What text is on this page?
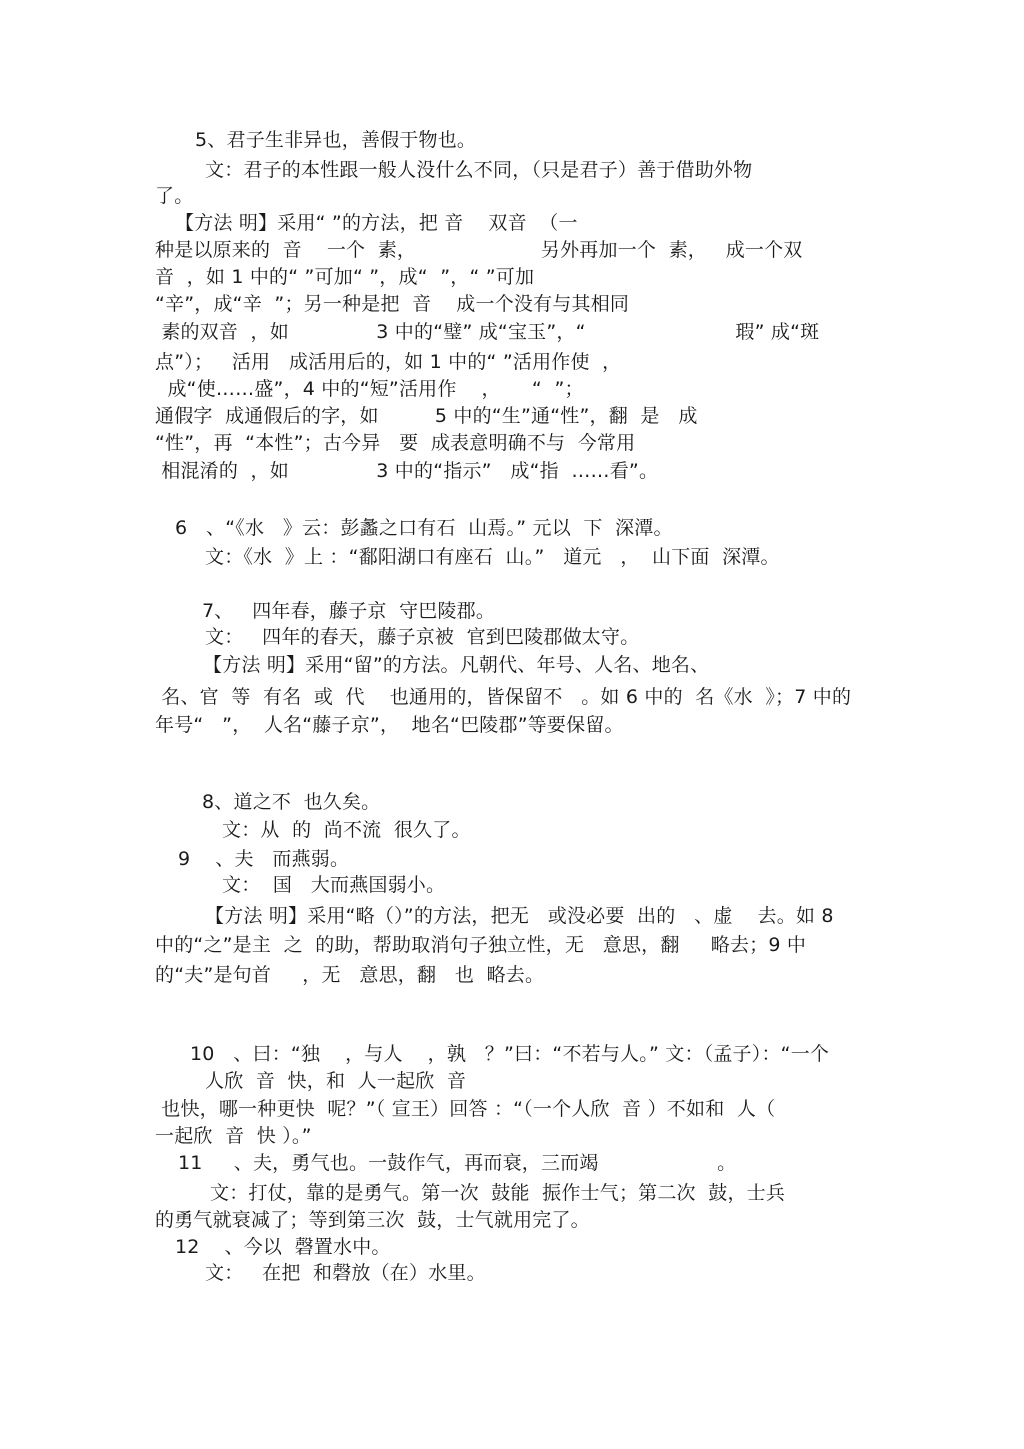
5、君子生非异也，善假于物也。
文：君子的本性跟一般人没什么不同，（只是君子）善于借助外物
了。
【方法 明】采用“ ”的方法，把 音    双音  （一
种是以原来的  音    一个  素，                    另外再加一个  素，   成一个双
音  ，如 1 中的“ ”可加“ ”，成“  ”，“ ”可加
“辛”，成“辛  ”；另一种是把  音    成一个没有与其相同
素的双音  ，如              3 中的“璧” 成“宝玉”，“                        瑕” 成“斑
点”）；   活用   成活用后的，如 1 中的“ ”活用作使  ，
成“使……盛”，4 中的“短”活用作    ，     “  ”；
通假字  成通假后的字，如         5 中的“生”通“性”，翻  是   成
“性”，再  “本性”；古今异   要  成表意明确不与  今常用
相混淆的  ，如              3 中的“指示”   成“指  ……看”。
6   、“《水   》云：彭蠡之口有石  山焉。” 元以  下  深潭。
文：《水  》上 ：“鄱阳湖口有座石  山。”   道元   ，  山下面  深潭。
7、   四年春，藤子京  守巴陵郡。
文：   四年的春天，藤子京被  官到巴陵郡做太守。
【方法 明】采用“留”的方法。凡朝代、年号、人名、地名、
名、官  等  有名  或  代    也通用的，皆保留不   。如 6 中的  名《水  》；7 中的
年号“   ”，  人名“藤子京”，  地名“巴陵郡”等要保留。
8、道之不  也久矣。
文：从  的  尚不流  很久了。
9    、夫   而燕弱。
文：  国   大而燕国弱小。
【方法 明】采用“略（）”的方法，把无   或没必要  出的   、虚    去。如 8
中的“之”是主  之  的助，帮助取消句子独立性，无   意思，翻     略去；9 中
的“夫”是句首     ，无   意思，翻   也  略去。
10   、曰：“独    ，与人    ，孰   ？”曰：“不若与人。” 文：（孟子）：“一个
人欣  音  快，和  人一起欣  音
也快，哪一种更快  呢？”（ 宣王）回答 ：“（一个人欣  音 ）不如和  人（
一起欣  音  快 ）。”
11     、夫，勇气也。一鼓作气，再而衰，三而竭                   。
文：打仗，靠的是勇气。第一次  鼓能  振作士气；第二次  鼓，士兵
的勇气就衰减了；等到第三次  鼓，士气就用完了。
12    、今以  磬置水中。
文：   在把  和磬放（在）水里。
